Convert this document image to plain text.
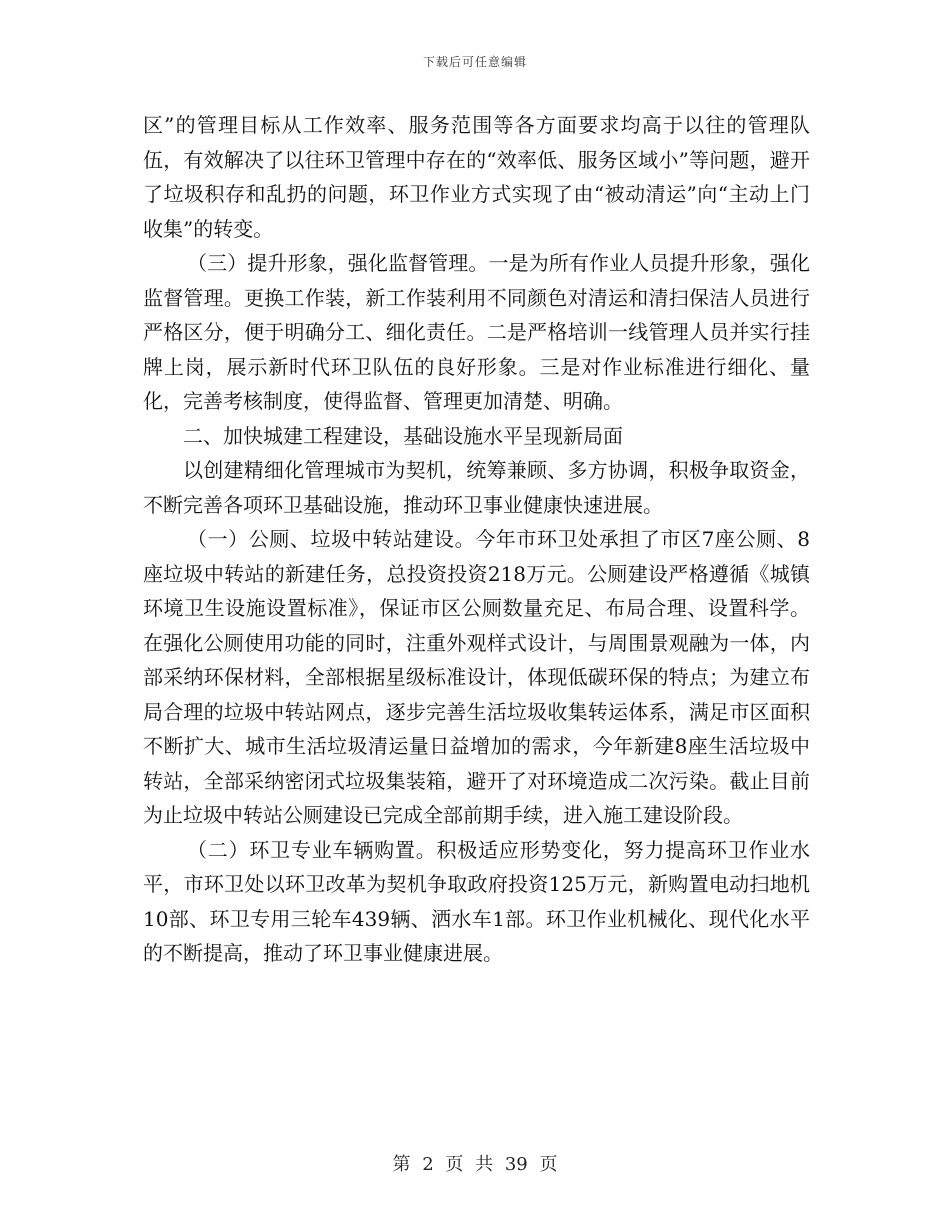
下载后可任意编辑

区”的管理目标从工作效率、服务范围等各方面要求均高于以往的管理队伍，有效解决了以往环卫管理中存在的“效率低、服务区域小”等问题，避开了垃圾积存和乱扔的问题，环卫作业方式实现了由“被动清运”向“主动上门收集”的转变。

（三）提升形象，强化监督管理。一是为所有作业人员提升形象，强化监督管理。更换工作装，新工作装利用不同颜色对清运和清扫保洁人员进行严格区分，便于明确分工、细化责任。二是严格培训一线管理人员并实行挂牌上岗，展示新时代环卫队伍的良好形象。三是对作业标准进行细化、量化，完善考核制度，使得监督、管理更加清楚、明确。

二、加快城建工程建设，基础设施水平呈现新局面

以创建精细化管理城市为契机，统筹兼顾、多方协调，积极争取资金，不断完善各项环卫基础设施，推动环卫事业健康快速进展。

（一）公厕、垃圾中转站建设。今年市环卫处承担了市区7座公厕、8座垃圾中转站的新建任务，总投资投资218万元。公厕建设严格遵循《城镇环境卫生设施设置标准》，保证市区公厕数量充足、布局合理、设置科学。在强化公厕使用功能的同时，注重外观样式设计，与周围景观融为一体，内部采纳环保材料，全部根据星级标准设计，体现低碳环保的特点；为建立布局合理的垃圾中转站网点，逐步完善生活垃圾收集转运体系，满足市区面积不断扩大、城市生活垃圾清运量日益增加的需求，今年新建8座生活垃圾中转站，全部采纳密闭式垃圾集装箱，避开了对环境造成二次污染。截止目前为止垃圾中转站公厕建设已完成全部前期手续，进入施工建设阶段。

（二）环卫专业车辆购置。积极适应形势变化，努力提高环卫作业水平，市环卫处以环卫改革为契机争取政府投资125万元，新购置电动扫地机10部、环卫专用三轮车439辆、洒水车1部。环卫作业机械化、现代化水平的不断提高，推动了环卫事业健康进展。

第 2 页 共 39 页
